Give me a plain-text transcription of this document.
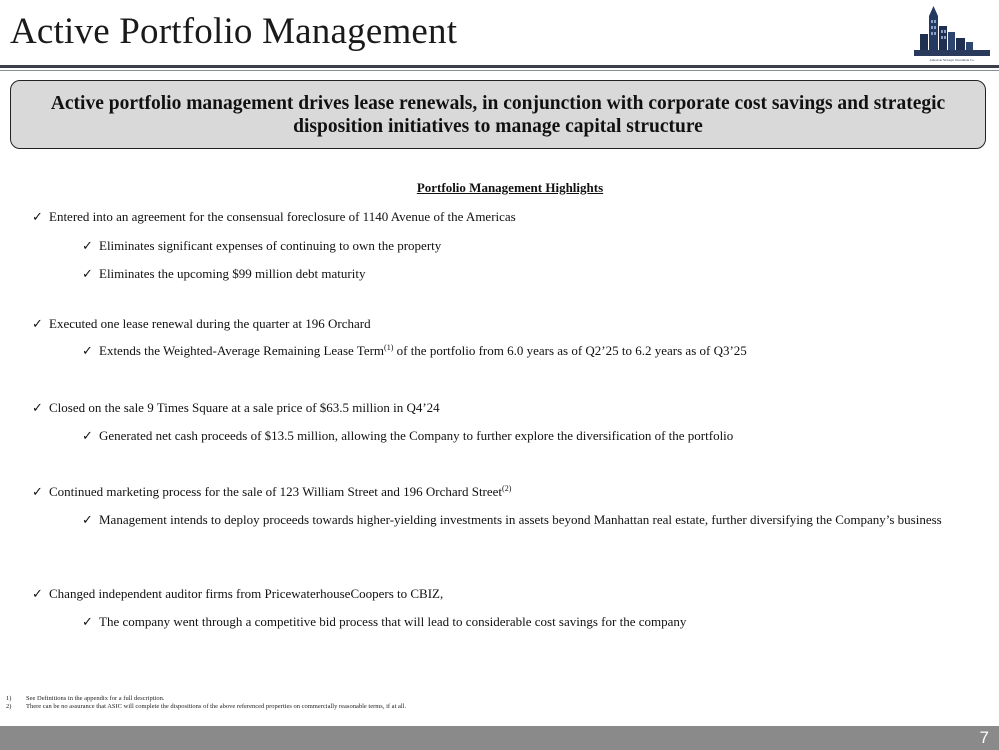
Active Portfolio Management
American Strategic Investment Co.
Active portfolio management drives lease renewals, in conjunction with corporate cost savings and strategic disposition initiatives to manage capital structure
Portfolio Management Highlights
✓ Entered into an agreement for the consensual foreclosure of 1140 Avenue of the Americas
✓ Eliminates significant expenses of continuing to own the property
✓ Eliminates the upcoming $99 million debt maturity
✓ Executed one lease renewal during the quarter at 196 Orchard
✓ Extends the Weighted-Average Remaining Lease Term$^{(1)}$ of the portfolio from 6.0 years as of Q2’25 to 6.2 years as of Q3’25
✓ Closed on the sale 9 Times Square at a sale price of $63.5 million in Q4’24
✓ Generated net cash proceeds of $13.5 million, allowing the Company to further explore the diversification of the portfolio
✓ Continued marketing process for the sale of 123 William Street and 196 Orchard Street$^{(2)}$
✓ Management intends to deploy proceeds towards higher-yielding investments in assets beyond Manhattan real estate, further diversifying the Company’s business
✓ Changed independent auditor firms from PricewaterhouseCoopers to CBIZ,
✓ The company went through a competitive bid process that will lead to considerable cost savings for the company
1)	See Definitions in the appendix for a full description.
2)	There can be no assurance that ASIC will complete the dispositions of the above referenced properties on commercially reasonable terms, if at all.
7
